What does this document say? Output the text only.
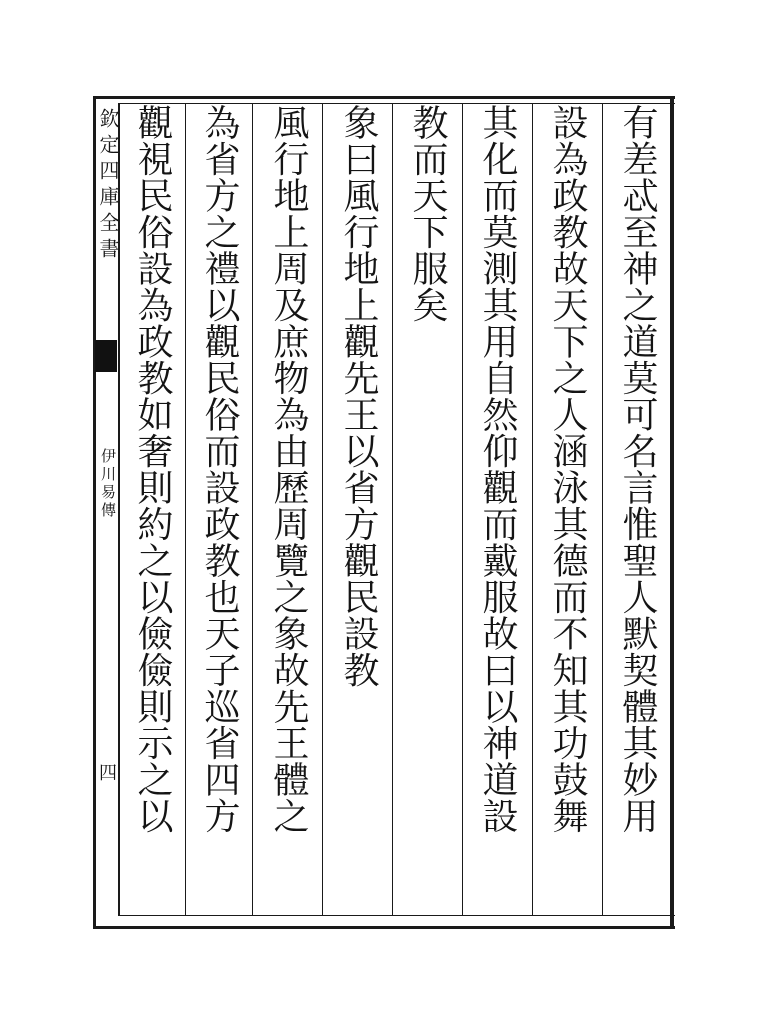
欽定四庫全書
伊川易傳
四	有差忒至神之道莫可名言惟聖人默契體其妙用
設為政教故天下之人涵泳其德而不知其功鼓舞
其化而莫測其用自然仰觀而戴服故曰以神道設
教而天下服矣
象曰風行地上觀先王以省方觀民設教
風行地上周及庶物為由歷周覽之象故先王體之
為省方之禮以觀民俗而設政教也天子巡省四方
觀視民俗設為政教如奢則約之以儉儉則示之以
